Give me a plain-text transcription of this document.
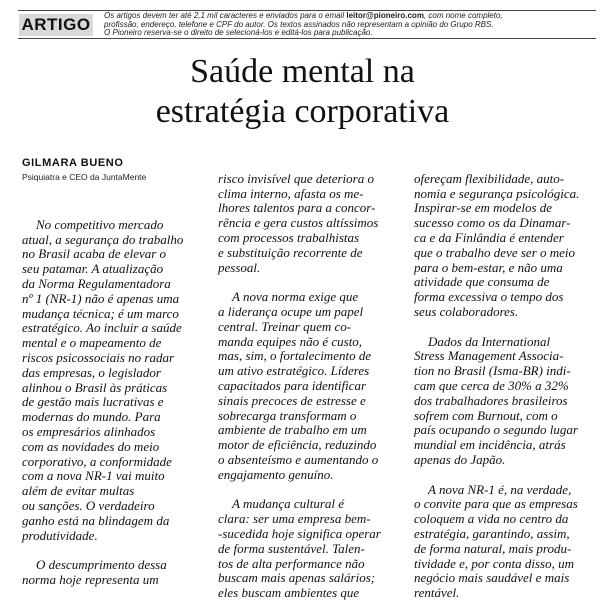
ARTIGO	Os artigos devem ter até 2,1 mil caracteres e enviados para o email leitor@pioneiro.com, com nome completo,
profissão, endereço, telefone e CPF do autor. Os textos assinados não representam a opinião do Grupo RBS.
O Pioneiro reserva-se o direito de selecioná-los e editá-los para publicação.
Saúde mental na
estratégia corporativa
GILMARA BUENO
Psiquiatra e CEO da JuntaMente

No competitivo mercado
atual, a segurança do trabalho
no Brasil acaba de elevar o
seu patamar. A atualização
da Norma Regulamentadora
nº 1 (NR-1) não é apenas uma
mudança técnica; é um marco
estratégico. Ao incluir a saúde
mental e o mapeamento de
riscos psicossociais no radar
das empresas, o legislador
alinhou o Brasil às práticas
de gestão mais lucrativas e
modernas do mundo. Para
os empresários alinhados
com as novidades do meio
corporativo, a conformidade
com a nova NR-1 vai muito
além de evitar multas
ou sanções. O verdadeiro
ganho está na blindagem da
produtividade.

O descumprimento dessa
norma hoje representa um

risco invisível que deteriora o
clima interno, afasta os me-
lhores talentos para a concor-
rência e gera custos altíssimos
com processos trabalhistas
e substituição recorrente de
pessoal.

A nova norma exige que
a liderança ocupe um papel
central. Treinar quem co-
manda equipes não é custo,
mas, sim, o fortalecimento de
um ativo estratégico. Líderes
capacitados para identificar
sinais precoces de estresse e
sobrecarga transformam o
ambiente de trabalho em um
motor de eficiência, reduzindo
o absenteísmo e aumentando o
engajamento genuíno.

A mudança cultural é
clara: ser uma empresa bem-
-sucedida hoje significa operar
de forma sustentável. Talen-
tos de alta performance não
buscam mais apenas salários;
eles buscam ambientes que

ofereçam flexibilidade, auto-
nomia e segurança psicológica.
Inspirar-se em modelos de
sucesso como os da Dinamar-
ca e da Finlândia é entender
que o trabalho deve ser o meio
para o bem-estar, e não uma
atividade que consuma de
forma excessiva o tempo dos
seus colaboradores.

Dados da International
Stress Management Associa-
tion no Brasil (Isma-BR) indi-
cam que cerca de 30% a 32%
dos trabalhadores brasileiros
sofrem com Burnout, com o
país ocupando o segundo lugar
mundial em incidência, atrás
apenas do Japão.

A nova NR-1 é, na verdade,
o convite para que as empresas
coloquem a vida no centro da
estratégia, garantindo, assim,
de forma natural, mais produ-
tividade e, por conta disso, um
negócio mais saudável e mais
rentável.
